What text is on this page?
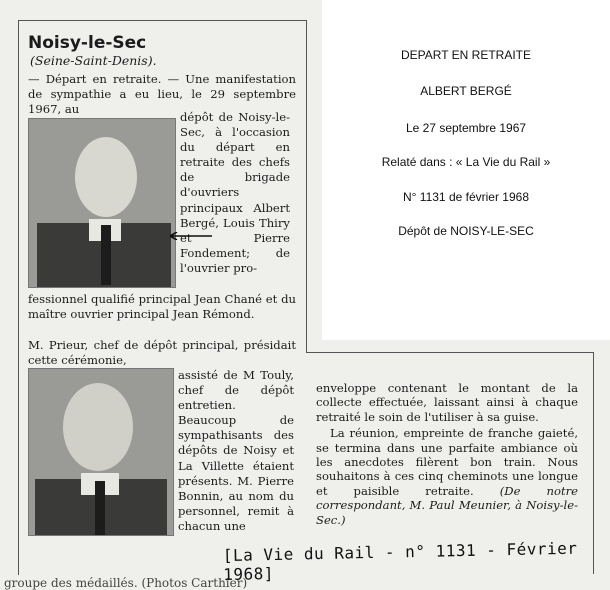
Noisy-le-Sec
(Seine-Saint-Denis).
— Départ en retraite. — Une manifestation de sympathie a eu lieu, le 29 septembre 1967, au
dépôt de Noisy-le-Sec, à l'occasion du départ en retraite des chefs de brigade d'ouvriers principaux Albert Bergé, Louis Thiry et Pierre Fondement; de l'ouvrier pro-
fessionnel qualifié principal Jean Chané et du maître ouvrier principal Jean Rémond.
M. Prieur, chef de dépôt principal, présidait cette cérémonie,
assisté de M Touly, chef de dépôt entretien. Beaucoup de sympathisants des dépôts de Noisy et La Villette étaient présents. M. Pierre Bonnin, au nom du personnel, remit à chacun une

enveloppe contenant le montant de la collecte effectuée, laissant ainsi à chaque retraité le soin de l'utiliser à sa guise.

La réunion, empreinte de franche gaieté, se termina dans une parfaite ambiance où les anecdotes filèrent bon train. Nous souhaitons à ces cinq cheminots une longue et paisible retraite. (De notre correspondant, M. Paul Meunier, à Noisy-le-Sec.)

DEPART EN RETRAITE
ALBERT BERGÉ
Le 27 septembre 1967
Relaté dans : « La Vie du Rail »
N° 1131 de février 1968
Dépôt de NOISY-LE-SEC
[La Vie du Rail - n° 1131 - Février 1968]
groupe des médaillés. (Photos Carthier)
